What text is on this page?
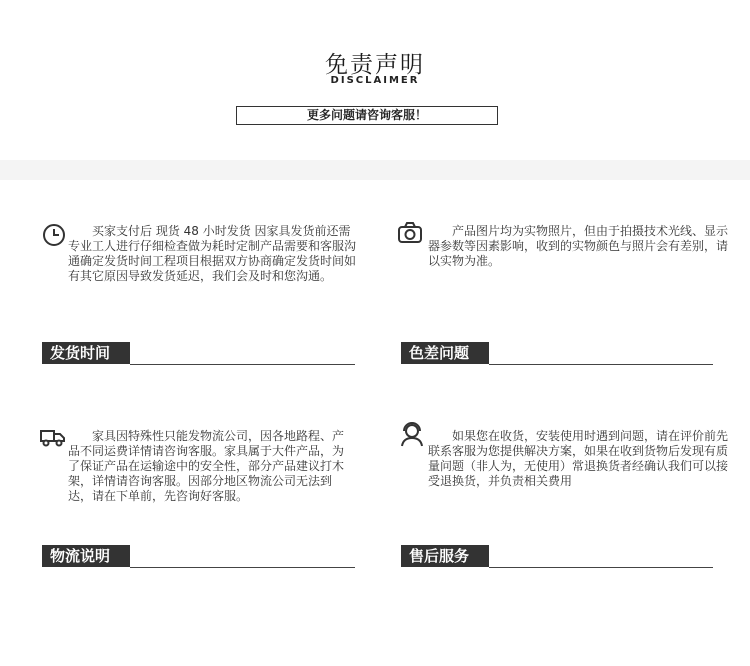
免责声明
DISCLAIMER
更多问题请咨询客服！
买家支付后 现货 48 小时发货 因家具发货前还需专业工人进行仔细检查做为耗时定制产品需要和客服沟通确定发货时间工程项目根据双方协商确定发货时间如有其它原因导致发货延迟，我们会及时和您沟通。
发货时间
产品图片均为实物照片，但由于拍摄技术光线、显示器参数等因素影响，收到的实物颜色与照片会有差别，请以实物为准。
色差问题
家具因特殊性只能发物流公司，因各地路程、产品不同运费详情请咨询客服。家具属于大件产品，为了保证产品在运输途中的安全性，部分产品建议打木架，详情请咨询客服。因部分地区物流公司无法到达，请在下单前，先咨询好客服。
物流说明
如果您在收货，安装使用时遇到问题，请在评价前先联系客服为您提供解决方案，如果在收到货物后发现有质量问题（非人为，无使用）常退换货者经确认我们可以接受退换货，并负责相关费用
售后服务
